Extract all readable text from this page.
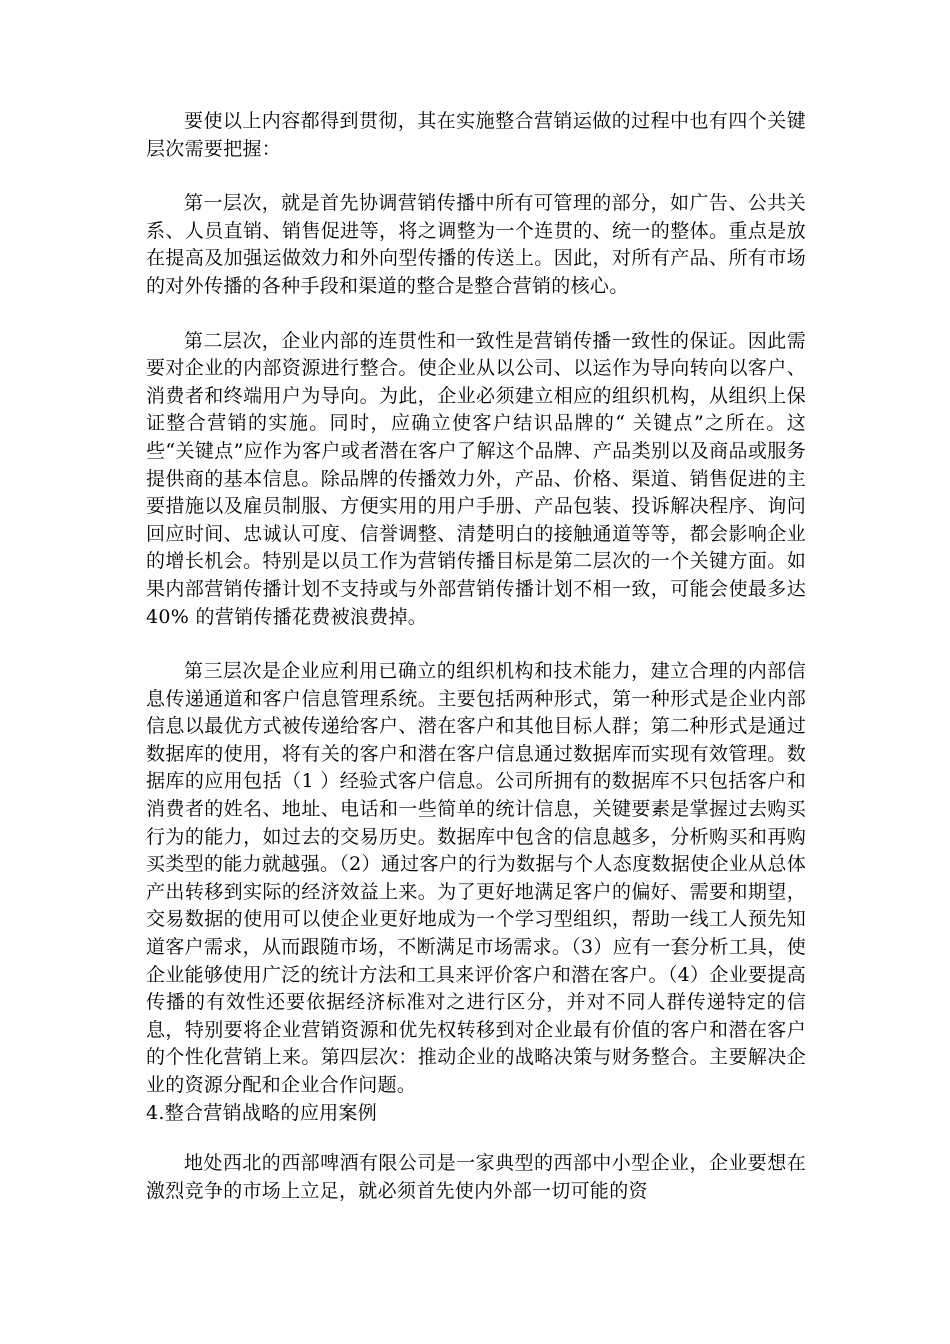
要使以上内容都得到贯彻，其在实施整合营销运做的过程中也有四个关键层次需要把握：

第一层次，就是首先协调营销传播中所有可管理的部分，如广告、公共关系、人员直销、销售促进等，将之调整为一个连贯的、统一的整体。重点是放在提高及加强运做效力和外向型传播的传送上。因此，对所有产品、所有市场的对外传播的各种手段和渠道的整合是整合营销的核心。

第二层次，企业内部的连贯性和一致性是营销传播一致性的保证。因此需要对企业的内部资源进行整合。使企业从以公司、以运作为导向转向以客户、消费者和终端用户为导向。为此，企业必须建立相应的组织机构，从组织上保证整合营销的实施。同时，应确立使客户结识品牌的“ 关键点”之所在。这些“关键点”应作为客户或者潜在客户了解这个品牌、产品类别以及商品或服务提供商的基本信息。除品牌的传播效力外，产品、价格、渠道、销售促进的主要措施以及雇员制服、方便实用的用户手册、产品包装、投诉解决程序、询问回应时间、忠诚认可度、信誉调整、清楚明白的接触通道等等，都会影响企业的增长机会。特别是以员工作为营销传播目标是第二层次的一个关键方面。如果内部营销传播计划不支持或与外部营销传播计划不相一致，可能会使最多达40% 的营销传播花费被浪费掉。

第三层次是企业应利用已确立的组织机构和技术能力，建立合理的内部信息传递通道和客户信息管理系统。主要包括两种形式，第一种形式是企业内部信息以最优方式被传递给客户、潜在客户和其他目标人群；第二种形式是通过数据库的使用，将有关的客户和潜在客户信息通过数据库而实现有效管理。数据库的应用包括（1 ）经验式客户信息。公司所拥有的数据库不只包括客户和消费者的姓名、地址、电话和一些简单的统计信息，关键要素是掌握过去购买行为的能力，如过去的交易历史。数据库中包含的信息越多，分析购买和再购买类型的能力就越强。（2）通过客户的行为数据与个人态度数据使企业从总体产出转移到实际的经济效益上来。为了更好地满足客户的偏好、需要和期望，交易数据的使用可以使企业更好地成为一个学习型组织，帮助一线工人预先知道客户需求，从而跟随市场，不断满足市场需求。（3）应有一套分析工具，使企业能够使用广泛的统计方法和工具来评价客户和潜在客户。（4）企业要提高传播的有效性还要依据经济标准对之进行区分，并对不同人群传递特定的信息，特别要将企业营销资源和优先权转移到对企业最有价值的客户和潜在客户的个性化营销上来。第四层次：推动企业的战略决策与财务整合。主要解决企业的资源分配和企业合作问题。

4.整合营销战略的应用案例

地处西北的西部啤酒有限公司是一家典型的西部中小型企业，企业要想在激烈竞争的市场上立足，就必须首先使内外部一切可能的资
